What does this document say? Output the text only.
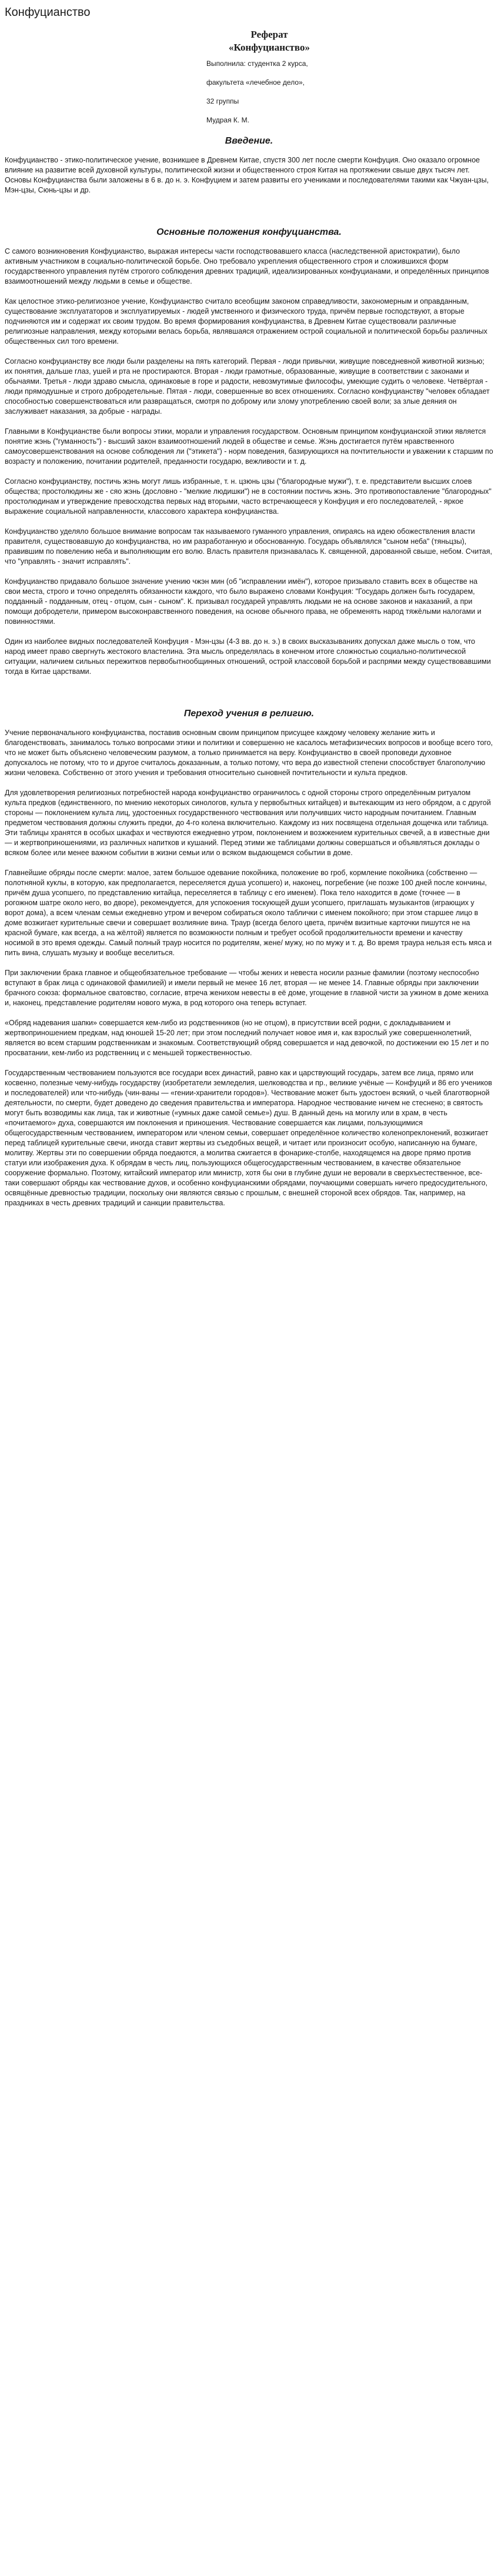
Конфуцианство
Реферат
«Конфуцианство»
Выполнила: студентка 2 курса,
факультета «лечебное дело»,
32 группы
Мудрая К. М.
Введение.

Конфуцианство - этико-политическое учение, возникшее в Древнем Китае, спустя 300 лет после смерти Конфуция. Оно оказало огромное влияние на развитие всей духовной культуры, политической жизни и общественного строя Китая на протяжении свыше двух тысяч лет. Основы Конфуцианства были заложены в 6 в. до н. э. Конфуцием и затем развиты его учениками и последователями такими как Чжуан-цзы, Мэн-цзы, Сюнь-цзы и др.

Основные положения конфуцианства.

С самого возникновения Конфуцианство, выражая интересы части господствовавшего класса (наследственной аристократии), было активным участником в социально-политической борьбе. Оно требовало укрепления общественного строя и сложившихся форм государственного управления путём строгого соблюдения древних традиций, идеализированных конфуцианами, и определённых принципов взаимоотношений между людьми в семье и обществе.

Как целостное этико-религиозное учение, Конфуцианство считало всеобщим законом справедливости, закономерным и оправданным, существование эксплуататоров и эксплуатируемых - людей умственного и физического труда, причём первые господствуют, а вторые подчиняются им и содержат их своим трудом. Во время формирования конфуцианства, в Древнем Китае существовали различные религиозные направления, между которыми велась борьба, являвшаяся отражением острой социальной и политической борьбы различных общественных сил того времени.

Согласно конфуцианству все люди были разделены на пять категорий. Первая - люди привычки, живущие повседневной животной жизнью; их понятия, дальше глаз, ушей и рта не простираются. Вторая - люди грамотные, образованные, живущие в соответствии с законами и обычаями. Третья - люди здраво смысла, одинаковые в горе и радости, невозмутимые философы, умеющие судить о человеке. Четвёртая - люди прямодушные и строго добродетельные. Пятая - люди, совершенные во всех отношениях. Согласно конфуцианству "человек обладает способностью совершенствоваться или развращаться, смотря по доброму или злому употреблению своей воли; за злые деяния он заслуживает наказания, за добрые - награды.

Главными в Конфуцианстве были вопросы этики, морали и управления государством. Основным принципом конфуцианской этики является понятие жэнь ("гуманность") - высший закон взаимоотношений людей в обществе и семье. Жэнь достигается путём нравственного самоусовершенствования на основе соблюдения ли ("этикета") - норм поведения, базирующихся на почтительности и уважении к старшим по возрасту и положению, почитании родителей, преданности государю, вежливости и т. д.

Согласно конфуцианству, постичь жэнь могут лишь избранные, т. н. цзюнь цзы ("благородные мужи"), т. е. представители высших слоев общества; простолюдины же - сяо жэнь (дословно - "мелкие людишки") не в состоянии постичь жэнь. Это противопоставление "благородных" простолюдинам и утверждение превосходства первых над вторыми, часто встречающееся у Конфуция и его последователей, - яркое выражение социальной направленности, классового характера конфуцианства.

Конфуцианство уделяло большое внимание вопросам так называемого гуманного управления, опираясь на идею обожествления власти правителя, существовавшую до конфуцианства, но им разработанную и обоснованную. Государь объявлялся "сыном неба" (тяньцзы), правившим по повелению неба и выполняющим его волю. Власть правителя признавалась К. священной, дарованной свыше, небом. Считая, что "управлять - значит исправлять".

Конфуцианство придавало большое значение учению чжэн мин (об "исправлении имён"), которое призывало ставить всех в обществе на свои места, строго и точно определять обязанности каждого, что было выражено словами Конфуция: "Государь должен быть государем, подданный - подданным, отец - отцом, сын - сыном". К. призывал государей управлять людьми не на основе законов и наказаний, а при помощи добродетели, примером высоконравственного поведения, на основе обычного права, не обременять народ тяжёлыми налогами и повинностями.

Один из наиболее видных последователей Конфуция - Мэн-цзы (4-3 вв. до н. э.) в своих высказываниях допускал даже мысль о том, что народ имеет право свергнуть жестокого властелина. Эта мысль определялась в конечном итоге сложностью социально-политической ситуации, наличием сильных пережитков первобытнообщинных отношений, острой классовой борьбой и распрями между существовавшими тогда в Китае царствами.

Переход учения в религию.

Учение первоначального конфуцианства, поставив основным своим принципом присущее каждому человеку желание жить и благоденствовать, занималось только вопросами этики и политики и совершенно не касалось метафизических вопросов и вообще всего того, что не может быть объяснено человеческим разумом, а только принимается на веру. Конфуцианство в своей проповеди духовное допускалось не потому, что то и другое считалось доказанным, а только потому, что вера до известной степени способствует благополучию жизни человека. Собственно от этого учения и требования относительно сыновней почтительности и культа предков.

Для удовлетворения религиозных потребностей народа конфуцианство ограничилось с одной стороны строго определённым ритуалом культа предков (единственного, по мнению некоторых синологов, культа у первобытных китайцев) и вытекающим из него обрядом, а с другой стороны — поклонением культа лиц, удостоенных государственного чествования или получивших чисто народным почитанием. Главным предметом чествования должны служить предки, до 4-го колена включительно. Каждому из них посвящена отдельная дощечка или таблица. Эти таблицы хранятся в особых шкафах и чествуются ежедневно утром, поклонением и возжжением курительных свечей, а в известные дни — и жертвоприношениями, из различных напитков и кушаний. Перед этими же таблицами должны совершаться и объявляться доклады о всяком более или менее важном событии в жизни семьи или о всяком выдающемся событии в доме.

Главнейшие обряды после смерти: малое, затем большое одевание покойника, положение во гроб, кормление покойника (собственно — полотняной куклы, в которую, как предполагается, переселяется душа усопшего) и, наконец, погребение (не позже 100 дней после кончины, причём душа усопшего, по представлению китайца, переселяется в таблицу с его именем). Пока тело находится в доме (точнее — в рогожном шатре около него, во дворе), рекомендуется, для успокоения тоскующей души усопшего, приглашать музыкантов (играющих у ворот дома), а всем членам семьи ежедневно утром и вечером собираться около таблички с именем покойного; при этом старшее лицо в доме возжигает курительные свечи и совершает возлияние вина. Траур (всегда белого цвета, причём визитные карточки пишутся не на красной бумаге, как всегда, а на жёлтой) является по возможности полным и требует особой продолжительности времени и качеству носимой в это время одежды. Самый полный траур носится по родителям, жене/ мужу, но по мужу и т. д. Во время траура нельзя есть мяса и пить вина, слушать музыку и вообще веселиться.

При заключении брака главное и общеобязательное требование — чтобы жених и невеста носили разные фамилии (поэтому неспособно вступают в брак лица с одинаковой фамилией) и имели первый не менее 16 лет, вторая — не менее 14. Главные обряды при заключении брачного союза: формальное сватовство, согласие, втреча женихом невесты в её доме, угощение в главной чисти за ужином в доме жениха и, наконец, представление родителям нового мужа, в род которого она теперь вступает.

«Обряд надевания шапки» совершается кем-либо из родственников (но не отцом), в присутствии всей родни, с докладыванием и жертвоприношением предкам, над юношей 15-20 лет; при этом последний получает новое имя и, как взрослый уже совершеннолетний, является во всем старшим родственникам и знакомым. Соответствующий обряд совершается и над девочкой, по достижении ею 15 лет и по просватании, кем-либо из родственниц и с меньшей торжественностью.

Государственным чествованием пользуются все государи всех династий, равно как и царствующий государь, затем все лица, прямо или косвенно, полезные чему-нибудь государству (изобретатели земледелия, шелководства и пр., великие учёные — Конфуций и 86 его учеников и последователей) или что-нибудь (чин-ваны — «гении-хранители городов»). Чествование может быть удостоен всякий, о чьей благотворной деятельности, по смерти, будет доведено до сведения правительства и императора. Народное чествование ничем не стеснено; в святость могут быть возводимы как лица, так и животные («умных даже самой семье») душ. В данный день на могилу или в храм, в честь «почитаемого» духа, совершаются им поклонения и приношения. Чествование совершается как лицами, пользующимися общегосударственным чествованием, императором или членом семьи, совершает определённое количество коленопреклонений, возжигает перед таблицей курительные свечи, иногда ставит жертвы из съедобных вещей, и читает или произносит особую, написанную на бумаге, молитву. Жертвы эти по совершении обряда поедаются, а молитва сжигается в фонарике-столбе, находящемся на дворе прямо против статуи или изображения духа. К обрядам в честь лиц, пользующихся общегосударственным чествованием, в качестве обязательное сооружение формально. Поэтому, китайский император или министр, хотя бы они в глубине души не веровали в сверхъестественное, все-таки совершают обряды как чествование духов, и особенно конфуцианскими обрядами, поучающими совершать ничего предосудительного, освящённые древностью традиции, поскольку они являются связью с прошлым, с внешней стороной всех обрядов. Так, например, на праздниках в честь древних традиций и санкции правительства.
